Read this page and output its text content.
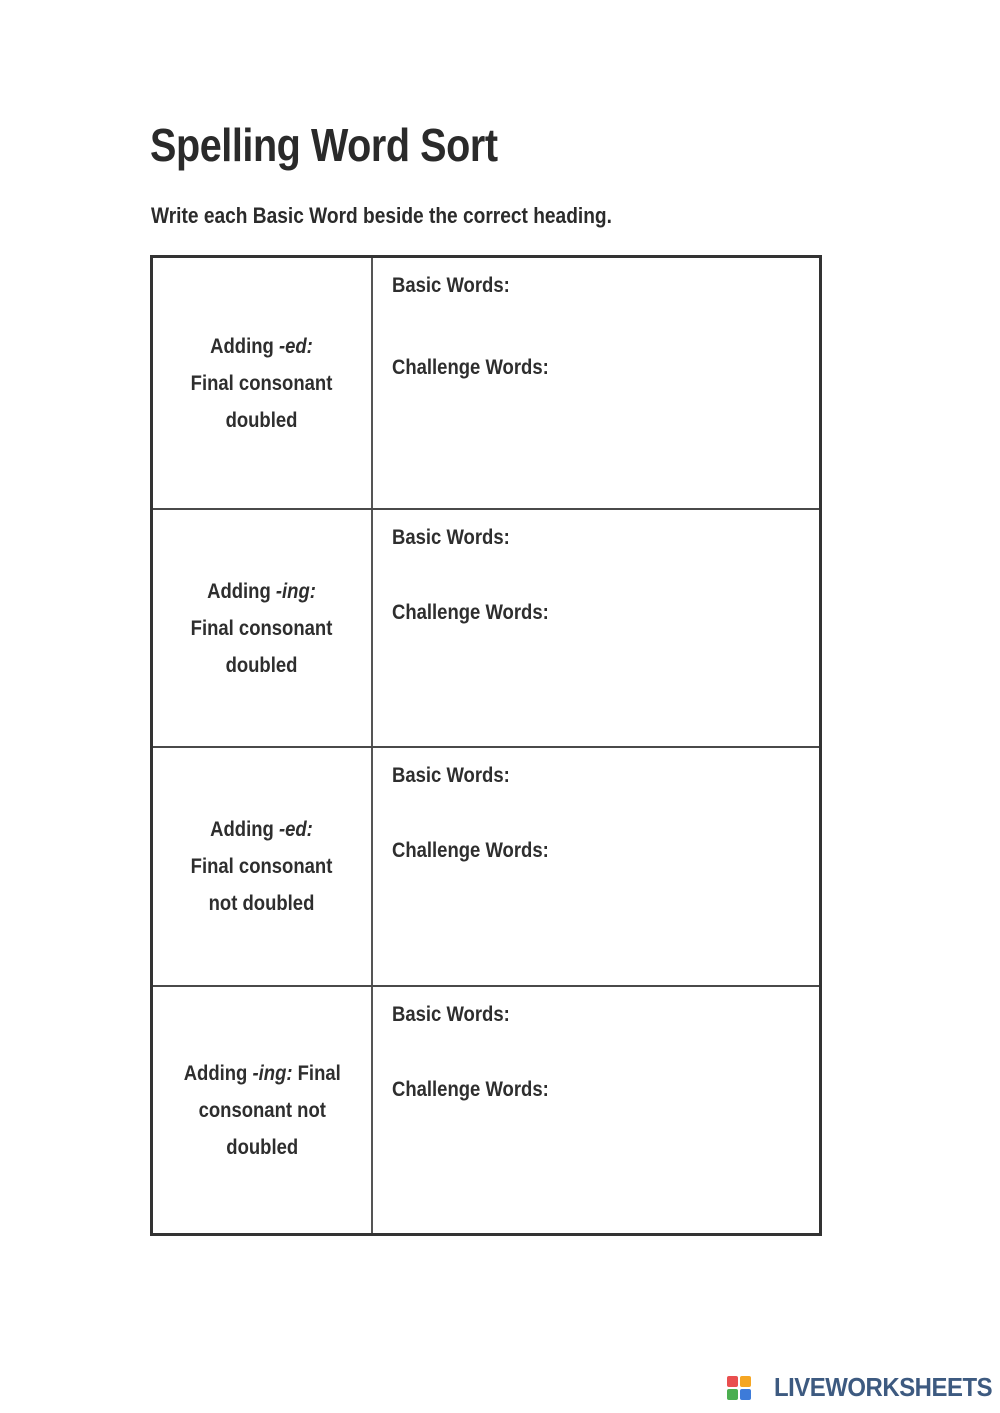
Spelling Word Sort

Write each Basic Word beside the correct heading.

Adding -ed:
Final consonant
doubled

Basic Words:

Challenge Words:

Adding -ing:
Final consonant
doubled

Basic Words:

Challenge Words:

Adding -ed:
Final consonant
not doubled

Basic Words:

Challenge Words:

Adding -ing: Final
consonant not
doubled

Basic Words:

Challenge Words:

LIVEWORKSHEETS
